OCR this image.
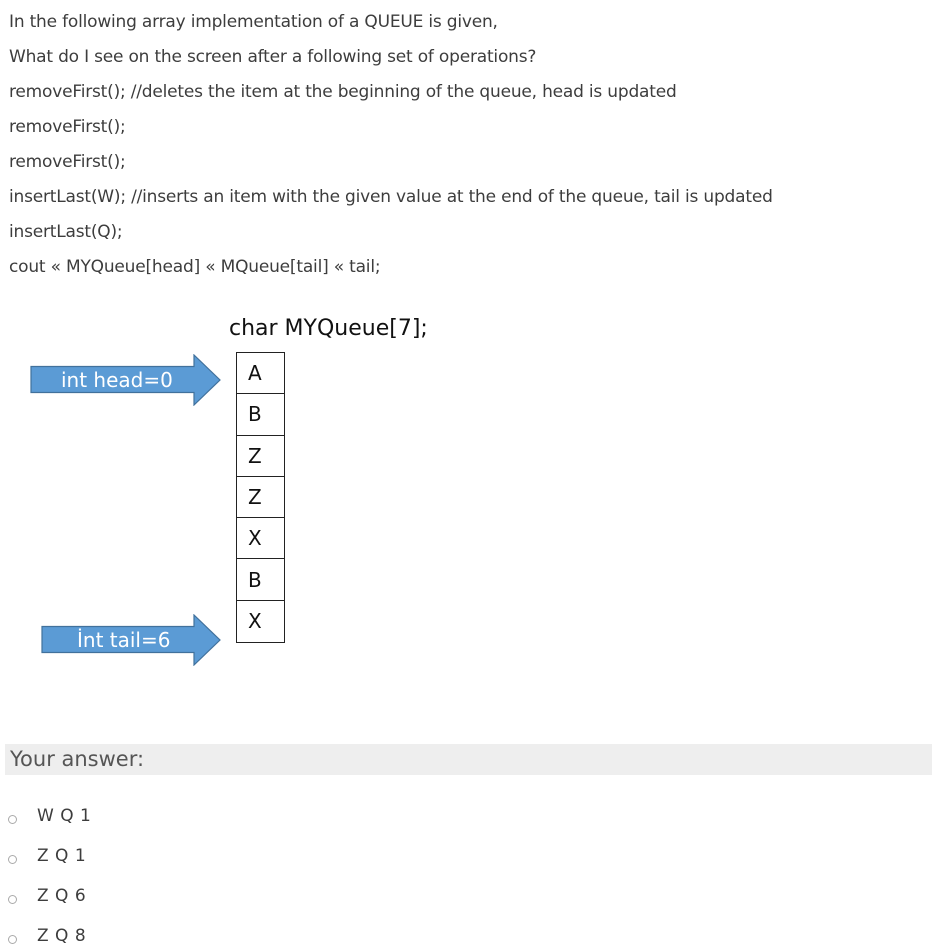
In the following array implementation of a QUEUE is given,
What do I see on the screen after a following set of operations?
removeFirst(); //deletes the item at the beginning of the queue, head is updated
removeFirst();
removeFirst();
insertLast(W); //inserts an item with the given value at the end of the queue, tail is updated
insertLast(Q);
cout « MYQueue[head] « MQueue[tail] « tail;
char MYQueue[7];
int head=0
İnt tail=6
A
B
Z
Z
X
B
X
Your answer:
W Q 1
Z Q 1
Z Q 6
Z Q 8
